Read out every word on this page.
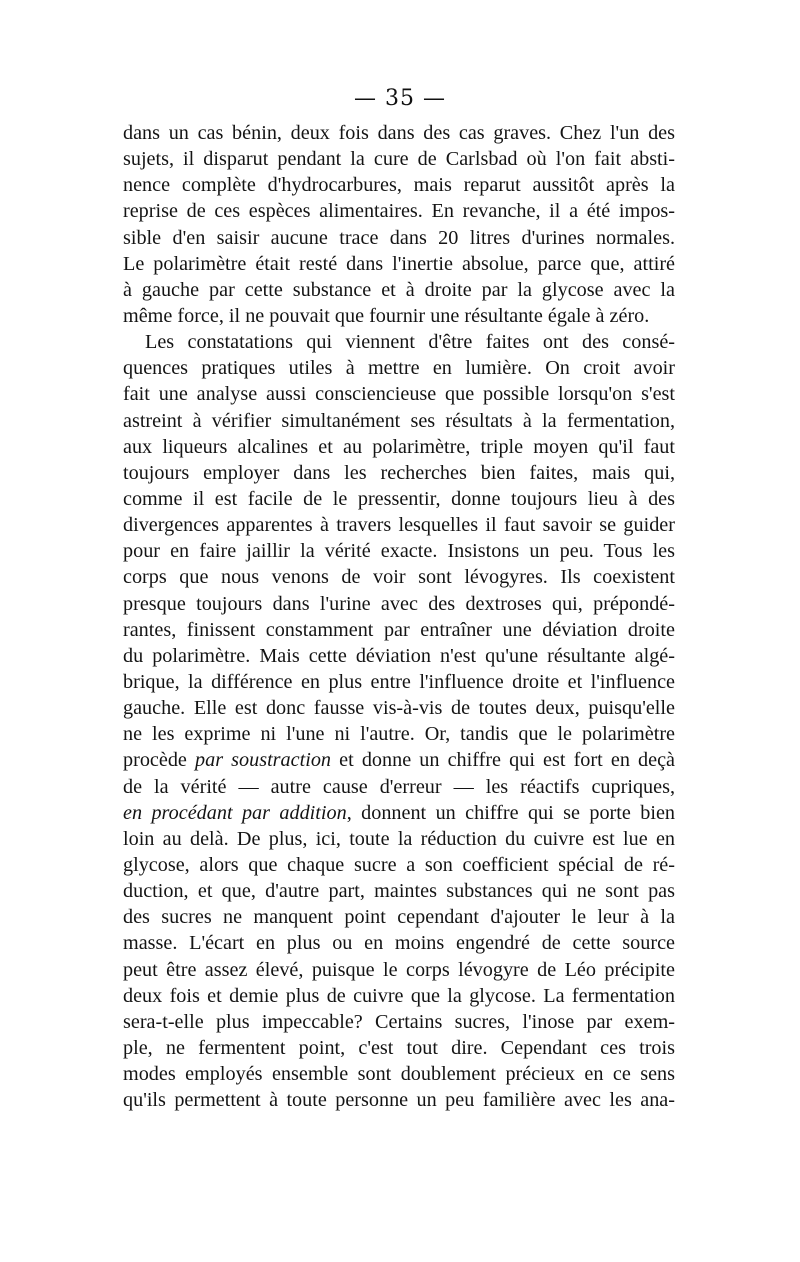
— 35 —
dans un cas bénin, deux fois dans des cas graves. Chez l'un des
sujets, il disparut pendant la cure de Carlsbad où l'on fait absti-
nence complète d'hydrocarbures, mais reparut aussitôt après la
reprise de ces espèces alimentaires. En revanche, il a été impos-
sible d'en saisir aucune trace dans 20 litres d'urines normales.
Le polarimètre était resté dans l'inertie absolue, parce que, attiré
à gauche par cette substance et à droite par la glycose avec la
même force, il ne pouvait que fournir une résultante égale à zéro.
Les constatations qui viennent d'être faites ont des consé-
quences pratiques utiles à mettre en lumière. On croit avoir
fait une analyse aussi consciencieuse que possible lorsqu'on s'est
astreint à vérifier simultanément ses résultats à la fermentation,
aux liqueurs alcalines et au polarimètre, triple moyen qu'il faut
toujours employer dans les recherches bien faites, mais qui,
comme il est facile de le pressentir, donne toujours lieu à des
divergences apparentes à travers lesquelles il faut savoir se guider
pour en faire jaillir la vérité exacte. Insistons un peu. Tous les
corps que nous venons de voir sont lévogyres. Ils coexistent
presque toujours dans l'urine avec des dextroses qui, prépondé-
rantes, finissent constamment par entraîner une déviation droite
du polarimètre. Mais cette déviation n'est qu'une résultante algé-
brique, la différence en plus entre l'influence droite et l'influence
gauche. Elle est donc fausse vis-à-vis de toutes deux, puisqu'elle
ne les exprime ni l'une ni l'autre. Or, tandis que le polarimètre
procède par soustraction et donne un chiffre qui est fort en deçà
de la vérité — autre cause d'erreur — les réactifs cupriques,
en procédant par addition, donnent un chiffre qui se porte bien
loin au delà. De plus, ici, toute la réduction du cuivre est lue en
glycose, alors que chaque sucre a son coefficient spécial de ré-
duction, et que, d'autre part, maintes substances qui ne sont pas
des sucres ne manquent point cependant d'ajouter le leur à la
masse. L'écart en plus ou en moins engendré de cette source
peut être assez élevé, puisque le corps lévogyre de Léo précipite
deux fois et demie plus de cuivre que la glycose. La fermentation
sera-t-elle plus impeccable? Certains sucres, l'inose par exem-
ple, ne fermentent point, c'est tout dire. Cependant ces trois
modes employés ensemble sont doublement précieux en ce sens
qu'ils permettent à toute personne un peu familière avec les ana-
